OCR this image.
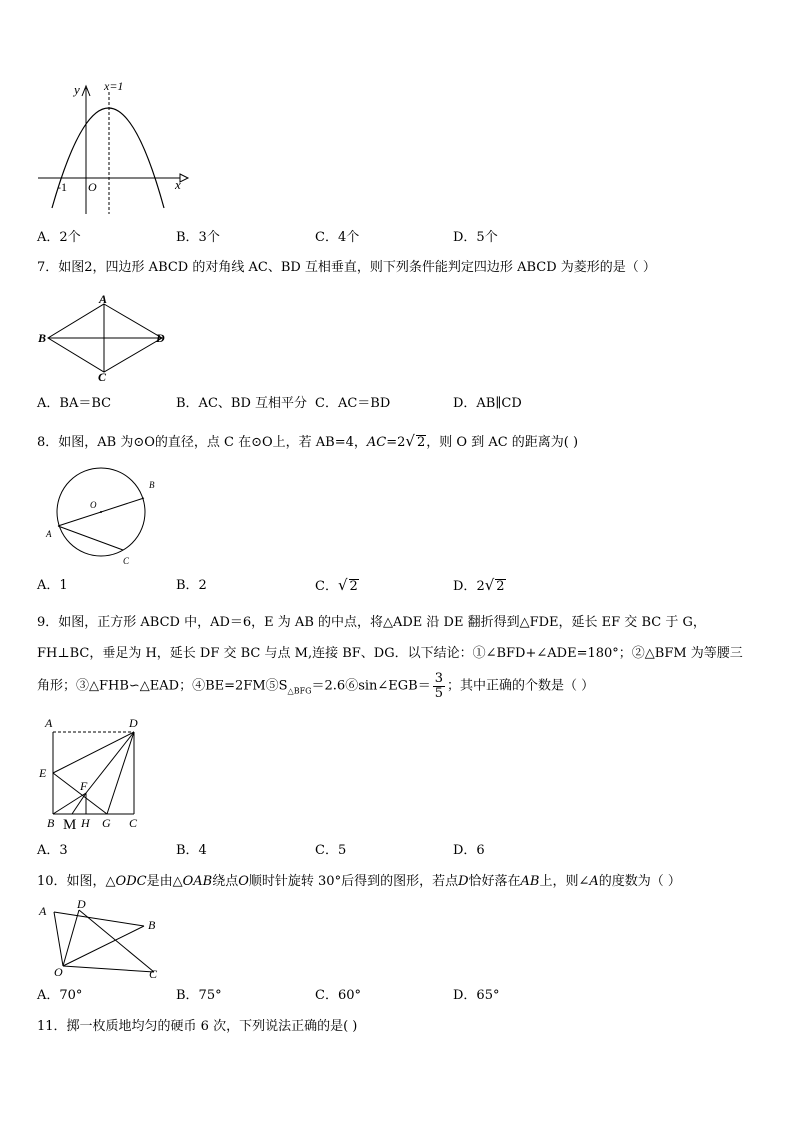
y
x
x=1
-1 O
A．2个	B．3个	C．4个	D．5个
7．如图2，四边形 ABCD 的对角线 AC、BD 互相垂直，则下列条件能判定四边形 ABCD 为菱形的是（ ）
A
B	D
C
A．BA＝BC	B．AC、BD 互相平分 C．AC＝BD	D．AB∥CD
8．如图，AB 为⊙O的直径，点 C 在⊙O上，若 AB=4，AC=2√ 2，则 O 到 AC 的距离为( )
O
B
A
C
A．1	B．2	C．√ 2	D．2√ 2
9．如图，正方形 ABCD 中，AD＝6，E 为 AB 的中点，将△ADE 沿 DE 翻折得到△FDE，延长 EF 交 BC 于 G，
FH⊥BC，垂足为 H，延长 DF 交 BC 与点 M,连接 BF、DG．以下结论：①∠BFD+∠ADE=180°；②△BFM 为等腰三
角形；③△FHB∽△EAD；$④BE=2FM⑤S_{\triangle BFG}=2.6⑥\sin\angle EGB= \frac{3}{5}$ ；其中正确的个数是（ ）
A	D
E
F
B M H G C
A．3	B．4	C．5	D．6
10．如图，△ODC是由△OAB绕点O顺时针旋转 30°后得到的图形，若点D恰好落在AB上，则∠A的度数为（ ）
A	D
B
O	C
A．70°	B．75°	C．60°	D．65°
11．掷一枚质地均匀的硬币 6 次，下列说法正确的是( )
